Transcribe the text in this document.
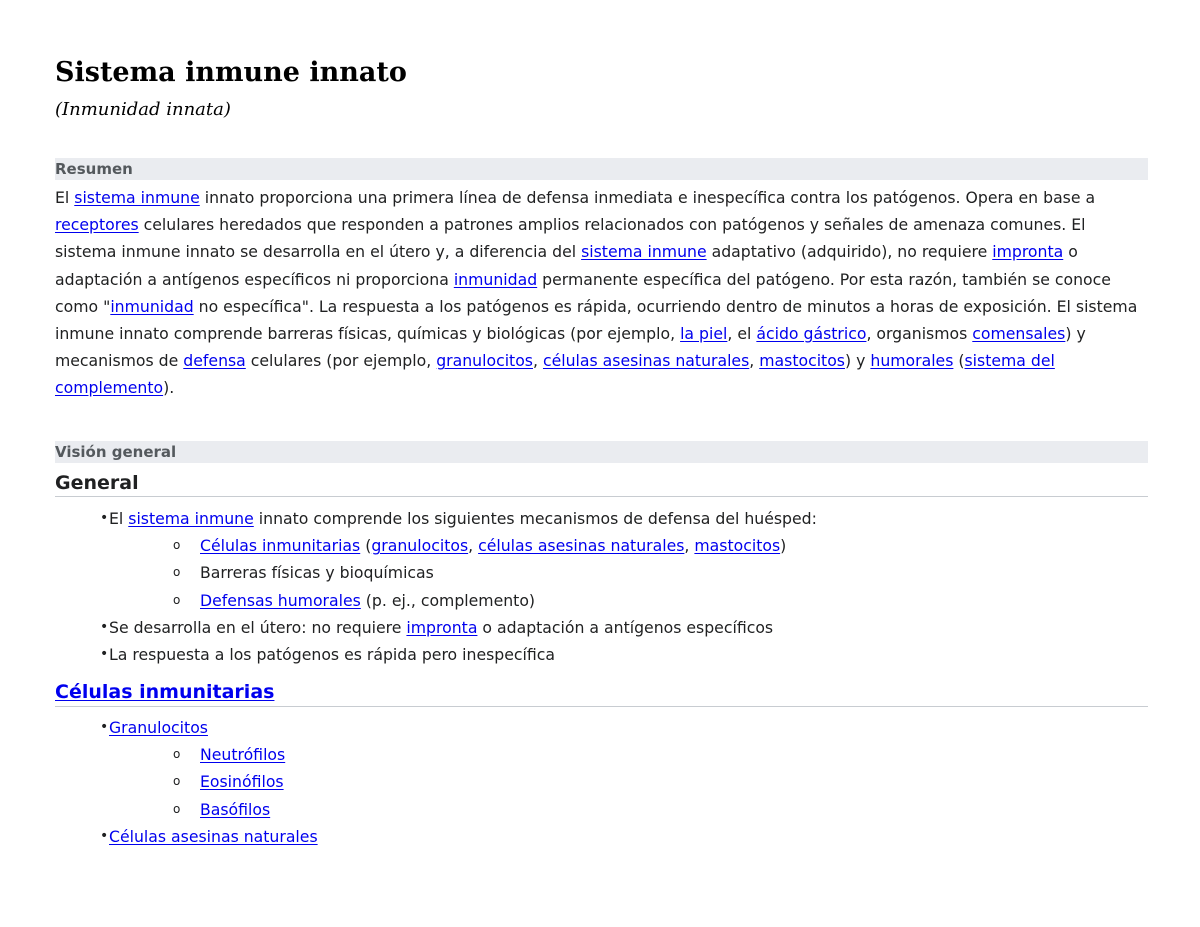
Sistema inmune innato
(Inmunidad innata)
Resumen

El sistema inmune innato proporciona una primera línea de defensa inmediata e inespecífica contra los patógenos. Opera en base a receptores celulares heredados que responden a patrones amplios relacionados con patógenos y señales de amenaza comunes. El sistema inmune innato se desarrolla en el útero y, a diferencia del sistema inmune adaptativo (adquirido), no requiere impronta o adaptación a antígenos específicos ni proporciona inmunidad permanente específica del patógeno. Por esta razón, también se conoce como "inmunidad no específica". La respuesta a los patógenos es rápida, ocurriendo dentro de minutos a horas de exposición. El sistema inmune innato comprende barreras físicas, químicas y biológicas (por ejemplo, la piel, el ácido gástrico, organismos comensales) y mecanismos de defensa celulares (por ejemplo, granulocitos, células asesinas naturales, mastocitos) y humorales (sistema del complemento).

Visión general
General
• El sistema inmune innato comprende los siguientes mecanismos de defensa del huésped:
o Células inmunitarias (granulocitos, células asesinas naturales, mastocitos)
o Barreras físicas y bioquímicas
o Defensas humorales (p. ej., complemento)
• Se desarrolla en el útero: no requiere impronta o adaptación a antígenos específicos
• La respuesta a los patógenos es rápida pero inespecífica
Células inmunitarias
• Granulocitos
o Neutrófilos
o Eosinófilos
o Basófilos
• Células asesinas naturales
